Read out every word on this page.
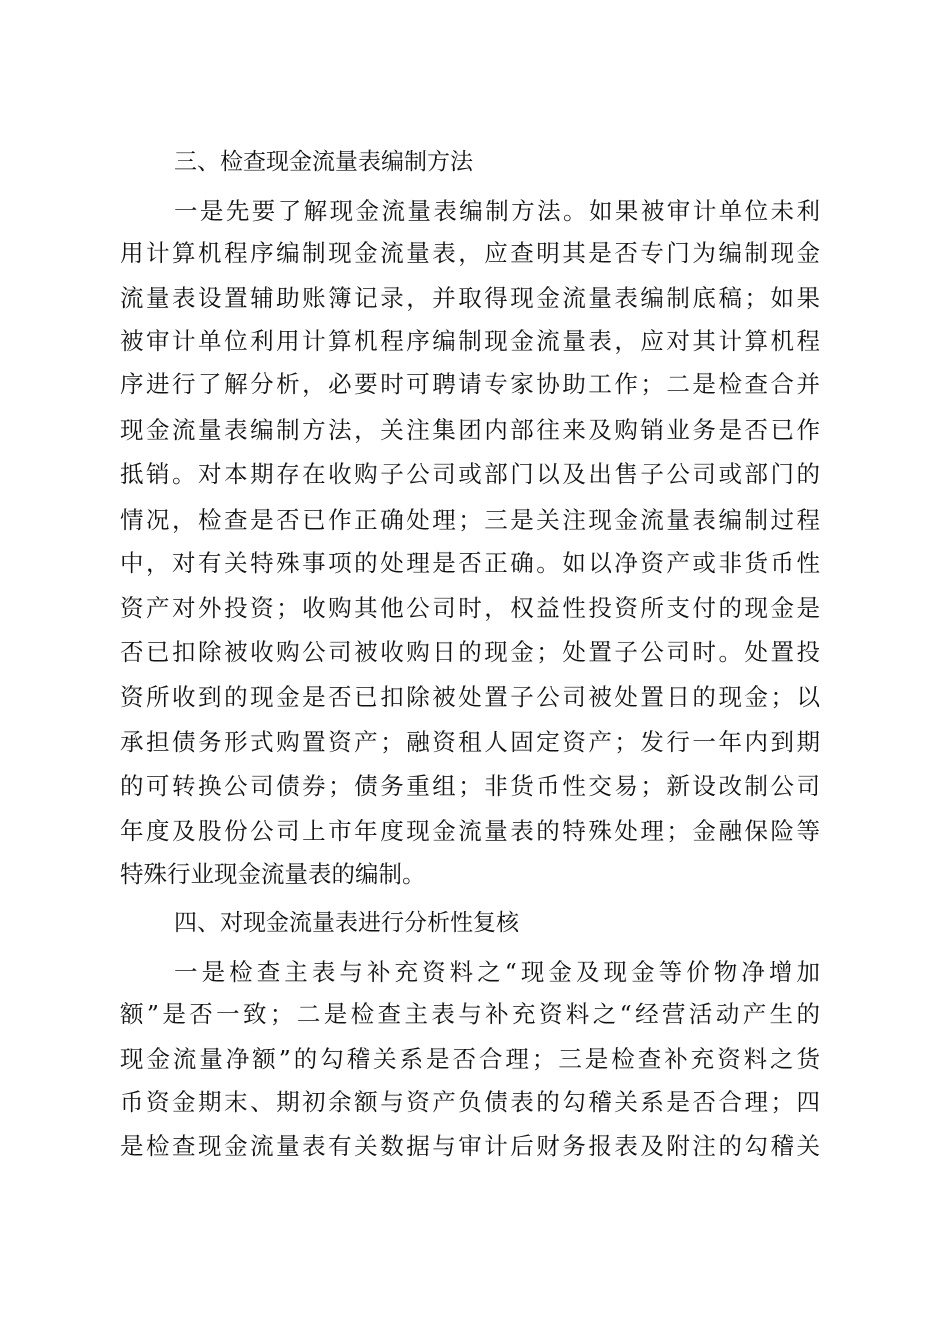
三、检查现金流量表编制方法
一是先要了解现金流量表编制方法。如果被审计单位未利
用计算机程序编制现金流量表，应查明其是否专门为编制现金
流量表设置辅助账簿记录，并取得现金流量表编制底稿；如果
被审计单位利用计算机程序编制现金流量表，应对其计算机程
序进行了解分析，必要时可聘请专家协助工作；二是检查合并
现金流量表编制方法，关注集团内部往来及购销业务是否已作
抵销。对本期存在收购子公司或部门以及出售子公司或部门的
情况，检查是否已作正确处理；三是关注现金流量表编制过程
中，对有关特殊事项的处理是否正确。如以净资产或非货币性
资产对外投资；收购其他公司时，权益性投资所支付的现金是
否已扣除被收购公司被收购日的现金；处置子公司时。处置投
资所收到的现金是否已扣除被处置子公司被处置日的现金；以
承担债务形式购置资产；融资租人固定资产；发行一年内到期
的可转换公司债券；债务重组；非货币性交易；新设改制公司
年度及股份公司上市年度现金流量表的特殊处理；金融保险等
特殊行业现金流量表的编制。
四、对现金流量表进行分析性复核
一是检查主表与补充资料之“现金及现金等价物净增加
额”是否一致；二是检查主表与补充资料之“经营活动产生的
现金流量净额”的勾稽关系是否合理；三是检查补充资料之货
币资金期末、期初余额与资产负债表的勾稽关系是否合理；四
是检查现金流量表有关数据与审计后财务报表及附注的勾稽关
